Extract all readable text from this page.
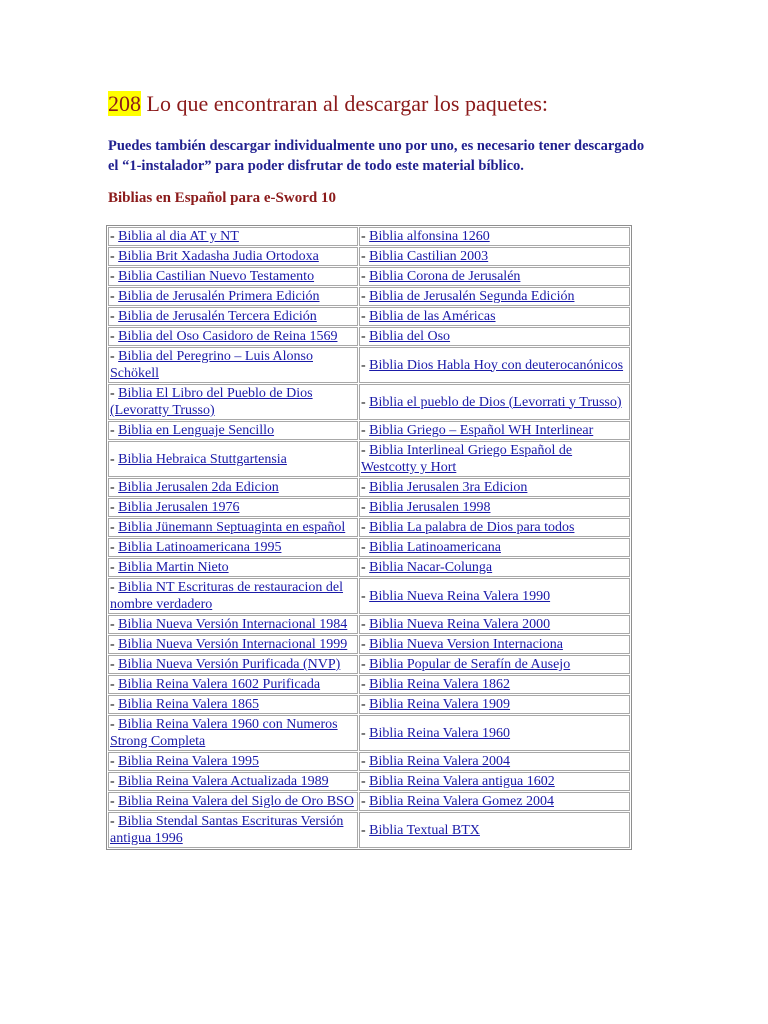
208 Lo que encontraran al descargar los paquetes:

Puedes también descargar individualmente uno por uno, es necesario tener descargado el “1-instalador” para poder disfrutar de todo este material bíblico.

Biblias en Español para e-Sword 10

- Biblia al dia AT y NT	- Biblia alfonsina 1260
- Biblia Brit Xadasha Judia Ortodoxa	- Biblia Castilian 2003
- Biblia Castilian Nuevo Testamento	- Biblia Corona de Jerusalén
- Biblia de Jerusalén Primera Edición	- Biblia de Jerusalén Segunda Edición
- Biblia de Jerusalén Tercera Edición	- Biblia de las Américas
- Biblia del Oso Casidoro de Reina 1569	- Biblia del Oso
- Biblia del Peregrino – Luis Alonso Schökell	- Biblia Dios Habla Hoy con deuterocanónicos
- Biblia El Libro del Pueblo de Dios (Levoratty Trusso)	- Biblia el pueblo de Dios (Levorrati y Trusso)
- Biblia en Lenguaje Sencillo	- Biblia Griego – Español WH Interlinear
- Biblia Hebraica Stuttgartensia	- Biblia Interlineal Griego Español de Westcotty y Hort
- Biblia Jerusalen 2da Edicion	- Biblia Jerusalen 3ra Edicion
- Biblia Jerusalen 1976	- Biblia Jerusalen 1998
- Biblia Jünemann Septuaginta en español	- Biblia La palabra de Dios para todos
- Biblia Latinoamericana 1995	- Biblia Latinoamericana
- Biblia Martin Nieto	- Biblia Nacar-Colunga
- Biblia NT Escrituras de restauracion del nombre verdadero	- Biblia Nueva Reina Valera 1990
- Biblia Nueva Versión Internacional 1984	- Biblia Nueva Reina Valera 2000
- Biblia Nueva Versión Internacional 1999	- Biblia Nueva Version Internaciona
- Biblia Nueva Versión Purificada (NVP)	- Biblia Popular de Serafín de Ausejo
- Biblia Reina Valera 1602 Purificada	- Biblia Reina Valera 1862
- Biblia Reina Valera 1865	- Biblia Reina Valera 1909
- Biblia Reina Valera 1960 con Numeros Strong Completa	- Biblia Reina Valera 1960
- Biblia Reina Valera 1995	- Biblia Reina Valera 2004
- Biblia Reina Valera Actualizada 1989	- Biblia Reina Valera antigua 1602
- Biblia Reina Valera del Siglo de Oro BSO	- Biblia Reina Valera Gomez 2004
- Biblia Stendal Santas Escrituras Versión antigua 1996	- Biblia Textual BTX
